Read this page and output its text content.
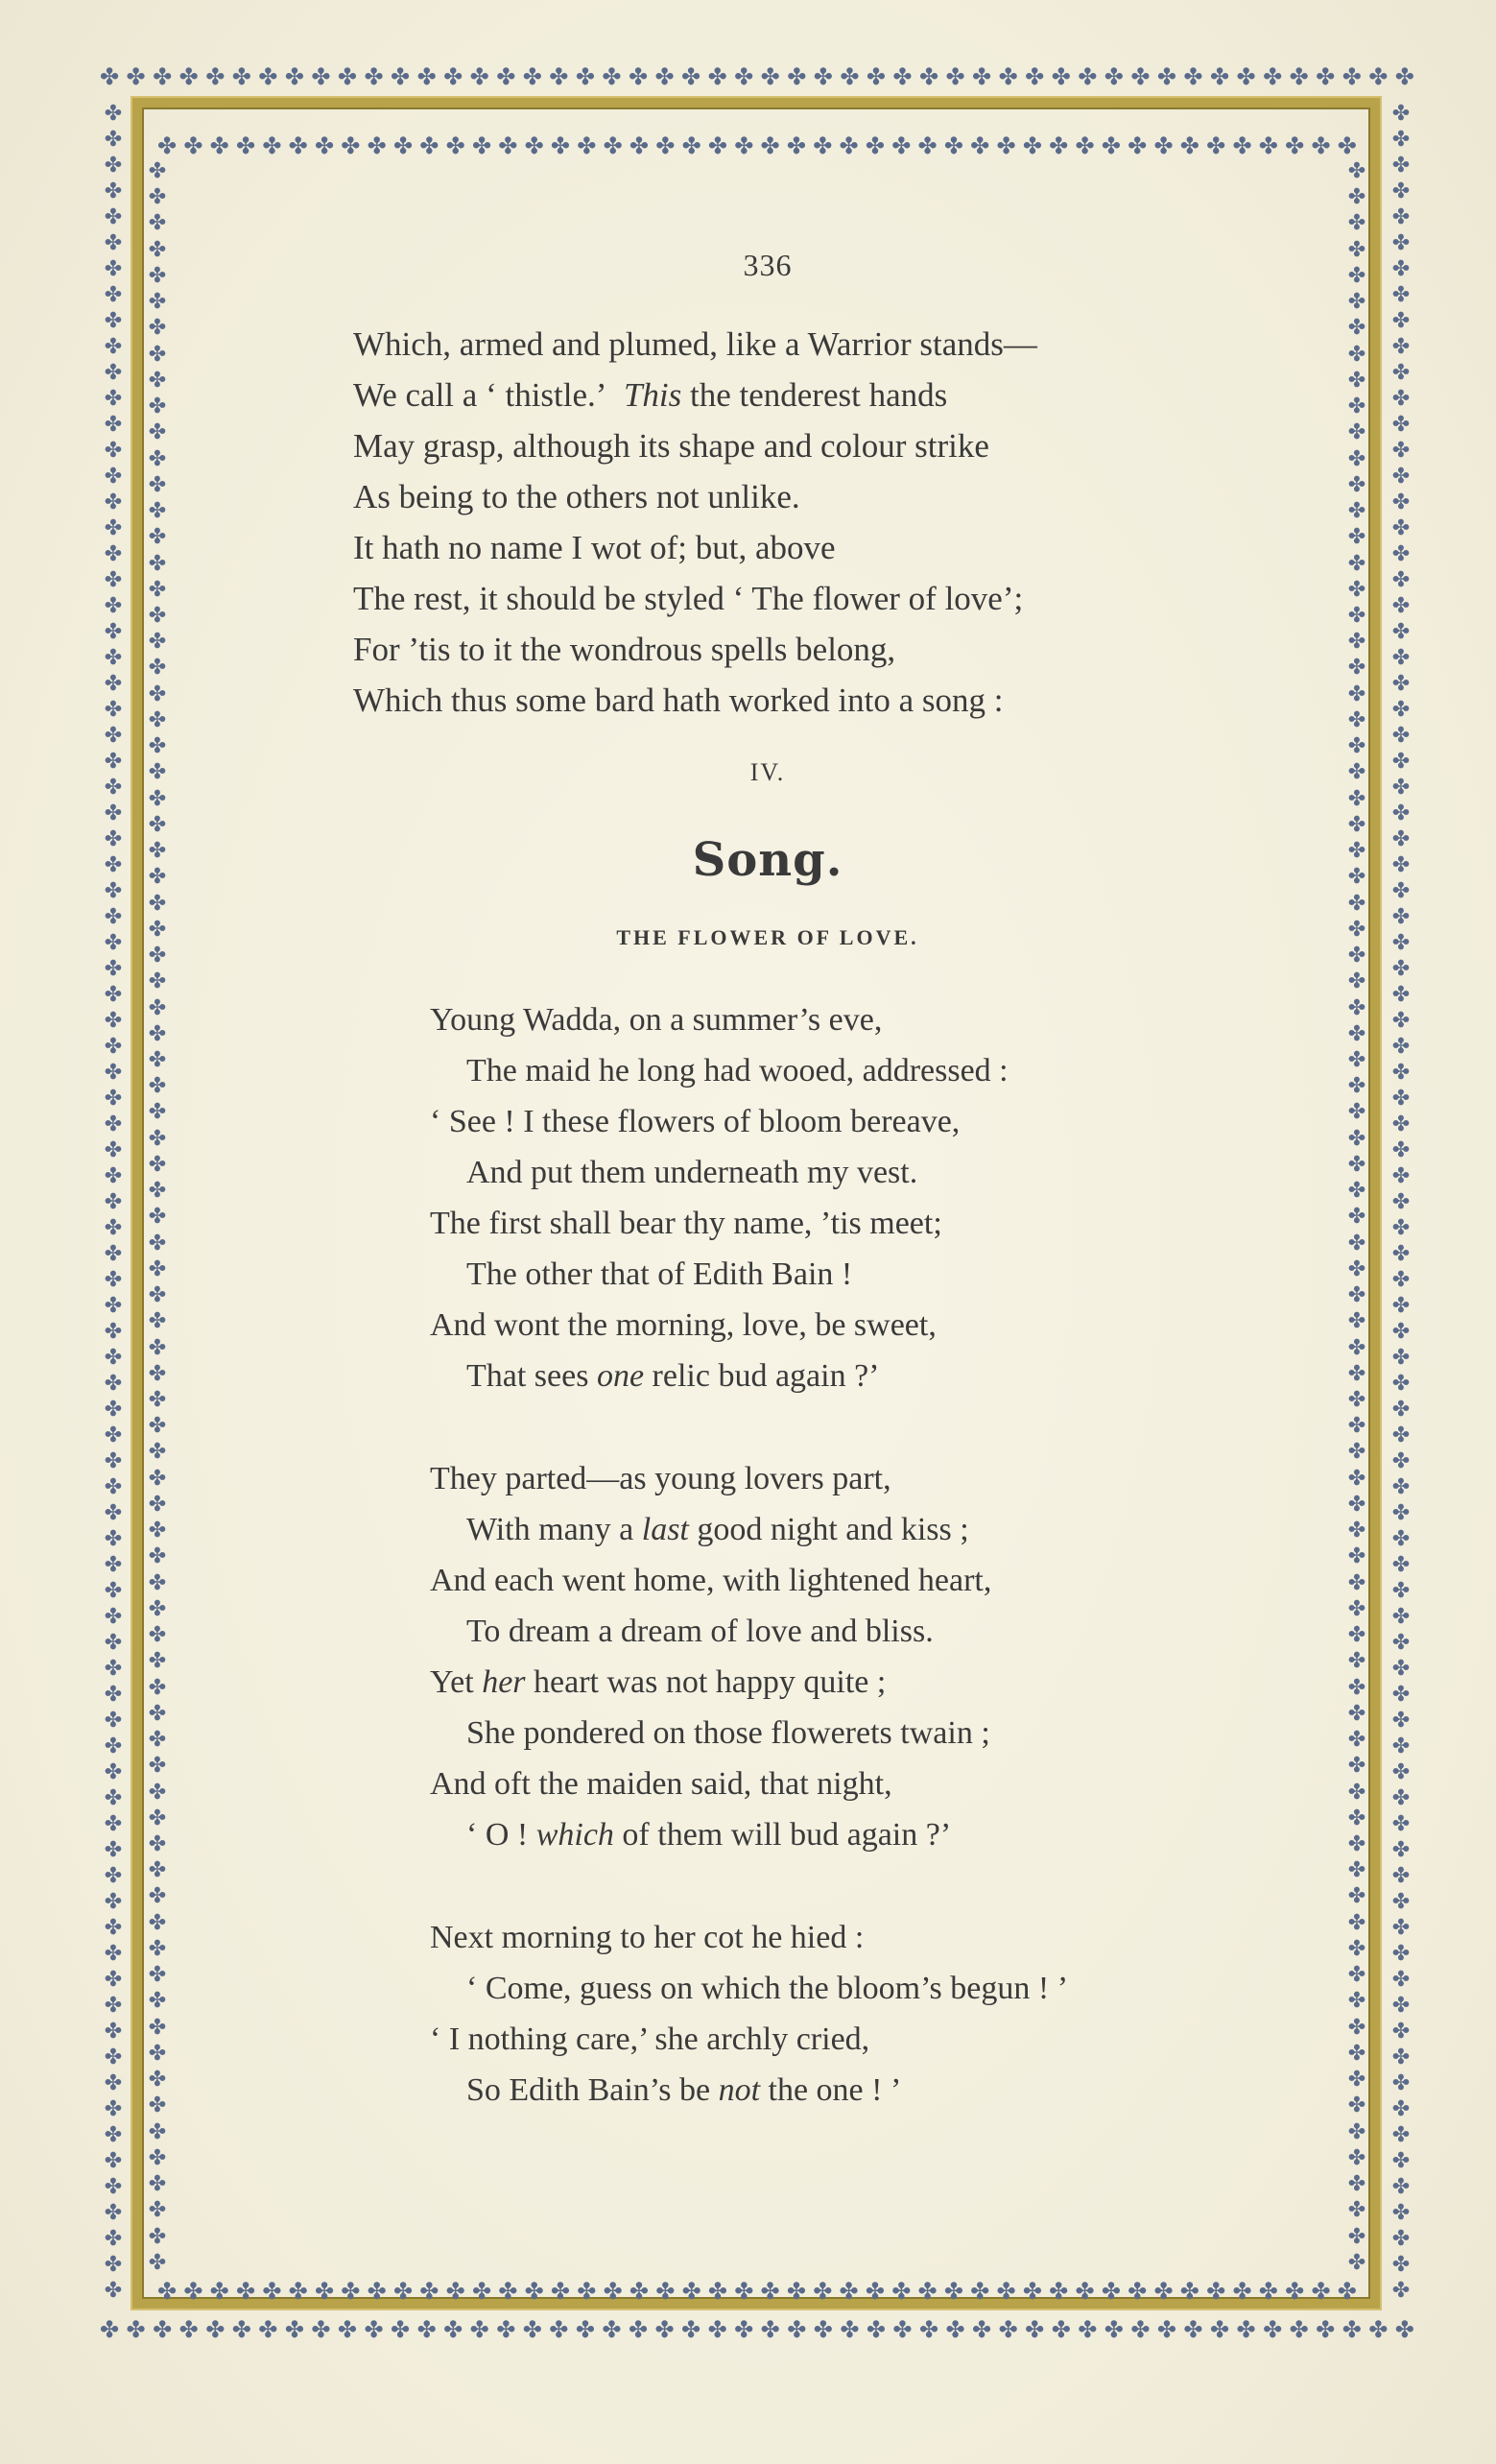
✤ ✤ ✤ ✤ ✤ ✤ ✤ ✤ ✤ ✤ ✤ ✤ ✤ ✤ ✤ ✤ ✤ ✤ ✤ ✤ ✤ ✤ ✤ ✤ ✤ ✤ ✤ ✤ ✤ ✤ ✤ ✤ ✤ ✤ ✤ ✤ ✤ ✤ ✤ ✤ ✤ ✤ ✤ ✤ ✤ ✤ ✤ ✤ ✤ ✤
✤ ✤ ✤ ✤ ✤ ✤ ✤ ✤ ✤ ✤ ✤ ✤ ✤ ✤ ✤ ✤ ✤ ✤ ✤ ✤ ✤ ✤ ✤ ✤ ✤ ✤ ✤ ✤ ✤ ✤ ✤ ✤ ✤ ✤ ✤ ✤ ✤ ✤ ✤ ✤ ✤ ✤ ✤ ✤ ✤ ✤
✤ ✤ ✤ ✤ ✤ ✤ ✤ ✤ ✤ ✤ ✤ ✤ ✤ ✤ ✤ ✤ ✤ ✤ ✤ ✤ ✤ ✤ ✤ ✤ ✤ ✤ ✤ ✤ ✤ ✤ ✤ ✤ ✤ ✤ ✤ ✤ ✤ ✤ ✤ ✤ ✤ ✤ ✤ ✤ ✤ ✤
✤ ✤ ✤ ✤ ✤ ✤ ✤ ✤ ✤ ✤ ✤ ✤ ✤ ✤ ✤ ✤ ✤ ✤ ✤ ✤ ✤ ✤ ✤ ✤ ✤ ✤ ✤ ✤ ✤ ✤ ✤ ✤ ✤ ✤ ✤ ✤ ✤ ✤ ✤ ✤ ✤ ✤ ✤ ✤ ✤ ✤ ✤ ✤ ✤ ✤
✤
✤
✤
✤
✤
✤
✤
✤
✤
✤
✤
✤
✤
✤
✤
✤
✤
✤
✤
✤
✤
✤
✤
✤
✤
✤
✤
✤
✤
✤
✤
✤
✤
✤
✤
✤
✤
✤
✤
✤
✤
✤
✤
✤
✤
✤
✤
✤
✤
✤
✤
✤
✤
✤
✤
✤
✤
✤
✤
✤
✤
✤
✤
✤
✤
✤
✤
✤
✤
✤
✤
✤
✤
✤
✤
✤
✤
✤
✤
✤
✤
✤
✤
✤
✤
✤
✤
✤
✤
✤
✤
✤
✤
✤
✤
✤
✤
✤
✤
✤
✤
✤
✤
✤
✤
✤
✤
✤
✤
✤
✤
✤
✤
✤
✤
✤
✤
✤
✤
✤
✤
✤
✤
✤
✤
✤
✤
✤
✤
✤
✤
✤
✤
✤
✤
✤
✤
✤
✤
✤
✤
✤
✤
✤
✤
✤
✤
✤
✤
✤
✤
✤
✤
✤
✤
✤
✤
✤
✤
✤
✤
✤
✤
✤
✤
✤
✤
✤
✤
✤
✤
✤
✤
✤
✤
✤
✤
✤
✤
✤
✤
✤
✤
✤
✤
✤
✤
✤
✤
✤
✤
✤
✤
✤
✤
✤
✤
✤
✤
✤
✤
✤
✤
✤
✤
✤
✤
✤
✤
✤
✤
✤
✤
✤
✤
✤
✤
✤
✤
✤
✤
✤
✤
✤
✤
✤
✤
✤
✤
✤
✤
✤
✤
✤
✤
✤
✤
✤
✤
✤
✤
✤
✤
✤
✤
✤
✤
✤
✤
✤
✤
✤
✤
✤
✤
✤
✤
✤
✤
✤
✤
✤
✤
✤
✤
✤
✤
✤
✤
✤
✤
✤
✤
✤
✤
✤
✤
✤
✤
✤
✤
✤
✤
✤
✤
✤
✤
✤
✤
✤
✤
✤
✤
✤
✤
✤
✤
✤
✤
✤
✤
✤
✤
✤
✤
✤
✤
✤
✤
✤
✤
✤
✤
✤
✤
✤
✤
✤
✤
✤
✤
✤
✤
✤
✤
✤
✤
✤
✤
✤
✤
✤
336
Which, armed and plumed, like a Warrior stands—
We call a ‘ thistle.’ This the tenderest hands
May grasp, although its shape and colour strike
As being to the others not unlike.
It hath no name I wot of; but, above
The rest, it should be styled ‘ The flower of love’;
For ’tis to it the wondrous spells belong,
Which thus some bard hath worked into a song :
IV.
Song.
THE FLOWER OF LOVE.
Young Wadda, on a summer’s eve,
The maid he long had wooed, addressed :
‘ See ! I these flowers of bloom bereave,
And put them underneath my vest.
The first shall bear thy name, ’tis meet;
The other that of Edith Bain !
And wont the morning, love, be sweet,
That sees one relic bud again ?’
They parted—as young lovers part,
With many a last good night and kiss ;
And each went home, with lightened heart,
To dream a dream of love and bliss.
Yet her heart was not happy quite ;
She pondered on those flowerets twain ;
And oft the maiden said, that night,
‘ O ! which of them will bud again ?’
Next morning to her cot he hied :
‘ Come, guess on which the bloom’s begun ! ’
‘ I nothing care,’ she archly cried,
So Edith Bain’s be not the one ! ’
